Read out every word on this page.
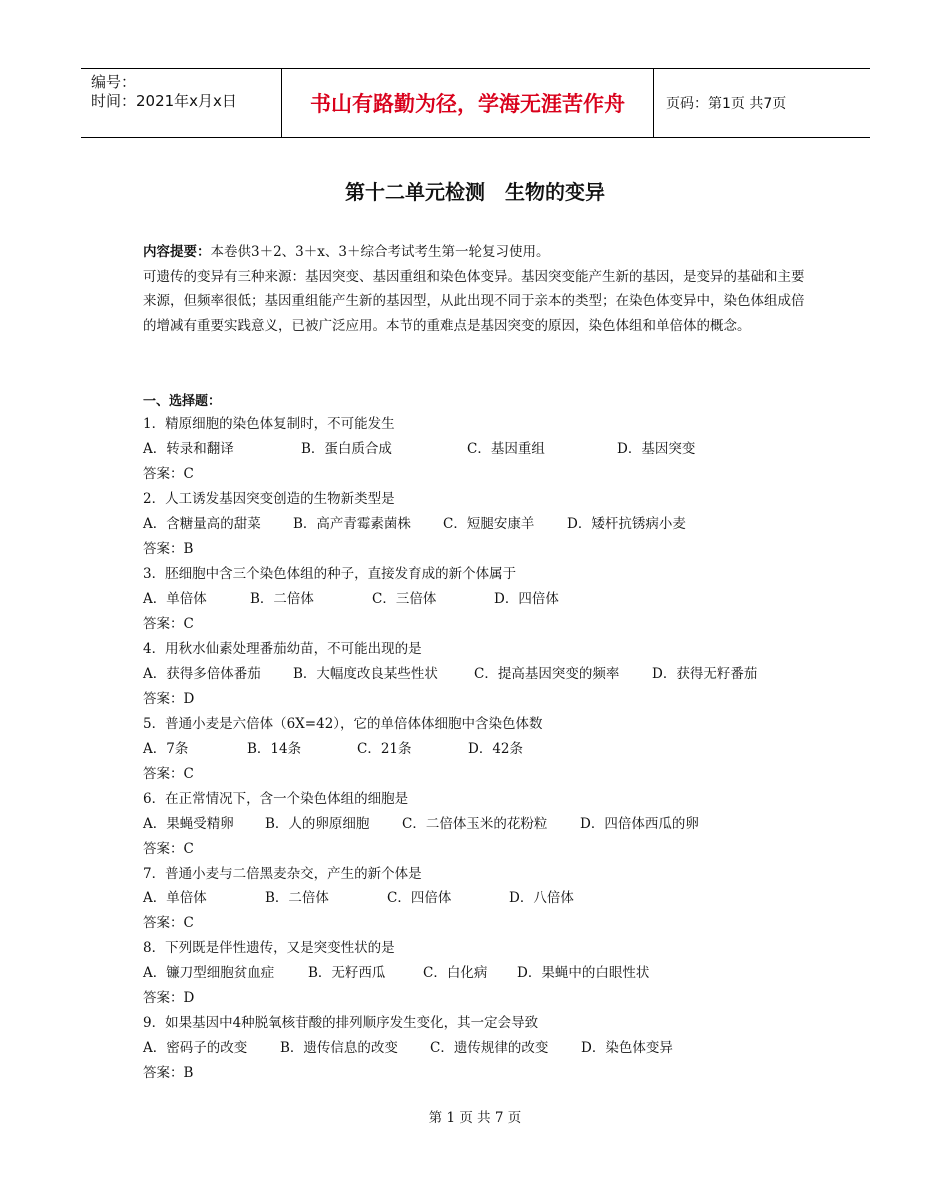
编号：
时间：2021年x月x日	书山有路勤为径，学海无涯苦作舟	页码：第1页 共7页
第十二单元检测　生物的变异

内容提要：本卷供3＋2、3＋x、3＋综合考试考生第一轮复习使用。

可遗传的变异有三种来源：基因突变、基因重组和染色体变异。基因突变能产生新的基因，是变异的基础和主要来源，但频率很低；基因重组能产生新的基因型，从此出现不同于亲本的类型；在染色体变异中，染色体组成倍的增减有重要实践意义，已被广泛应用。本节的重难点是基因突变的原因，染色体组和单倍体的概念。

一、选择题：
1．精原细胞的染色体复制时，不可能发生
A．转录和翻译	B．蛋白质合成	C．基因重组	D．基因突变
答案：C
2．人工诱发基因突变创造的生物新类型是
A．含糖量高的甜菜 B．高产青霉素菌株 C．短腿安康羊 D．矮杆抗锈病小麦
答案：B
3．胚细胞中含三个染色体组的种子，直接发育成的新个体属于
A．单倍体	B．二倍体	C．三倍体	D．四倍体
答案：C
4．用秋水仙素处理番茄幼苗，不可能出现的是
A．获得多倍体番茄 B．大幅度改良某些性状	C．提高基因突变的频率 D．获得无籽番茄
答案：D
5．普通小麦是六倍体（6X=42），它的单倍体体细胞中含染色体数
A．7条	B．14条	C．21条	D．42条
答案：C
6．在正常情况下，含一个染色体组的细胞是
A．果蝇受精卵 B．人的卵原细胞 C．二倍体玉米的花粉粒 D．四倍体西瓜的卵
答案：C
7．普通小麦与二倍黑麦杂交，产生的新个体是
A．单倍体	B．二倍体	C．四倍体	D．八倍体
答案：C
8．下列既是伴性遗传，又是突变性状的是
A．镰刀型细胞贫血症	B．无籽西瓜	C．白化病 D．果蝇中的白眼性状
答案：D
9．如果基因中4种脱氧核苷酸的排列顺序发生变化，其一定会导致
A．密码子的改变 B．遗传信息的改变 C．遗传规律的改变 D．染色体变异
答案：B
第 1 页 共 7 页
